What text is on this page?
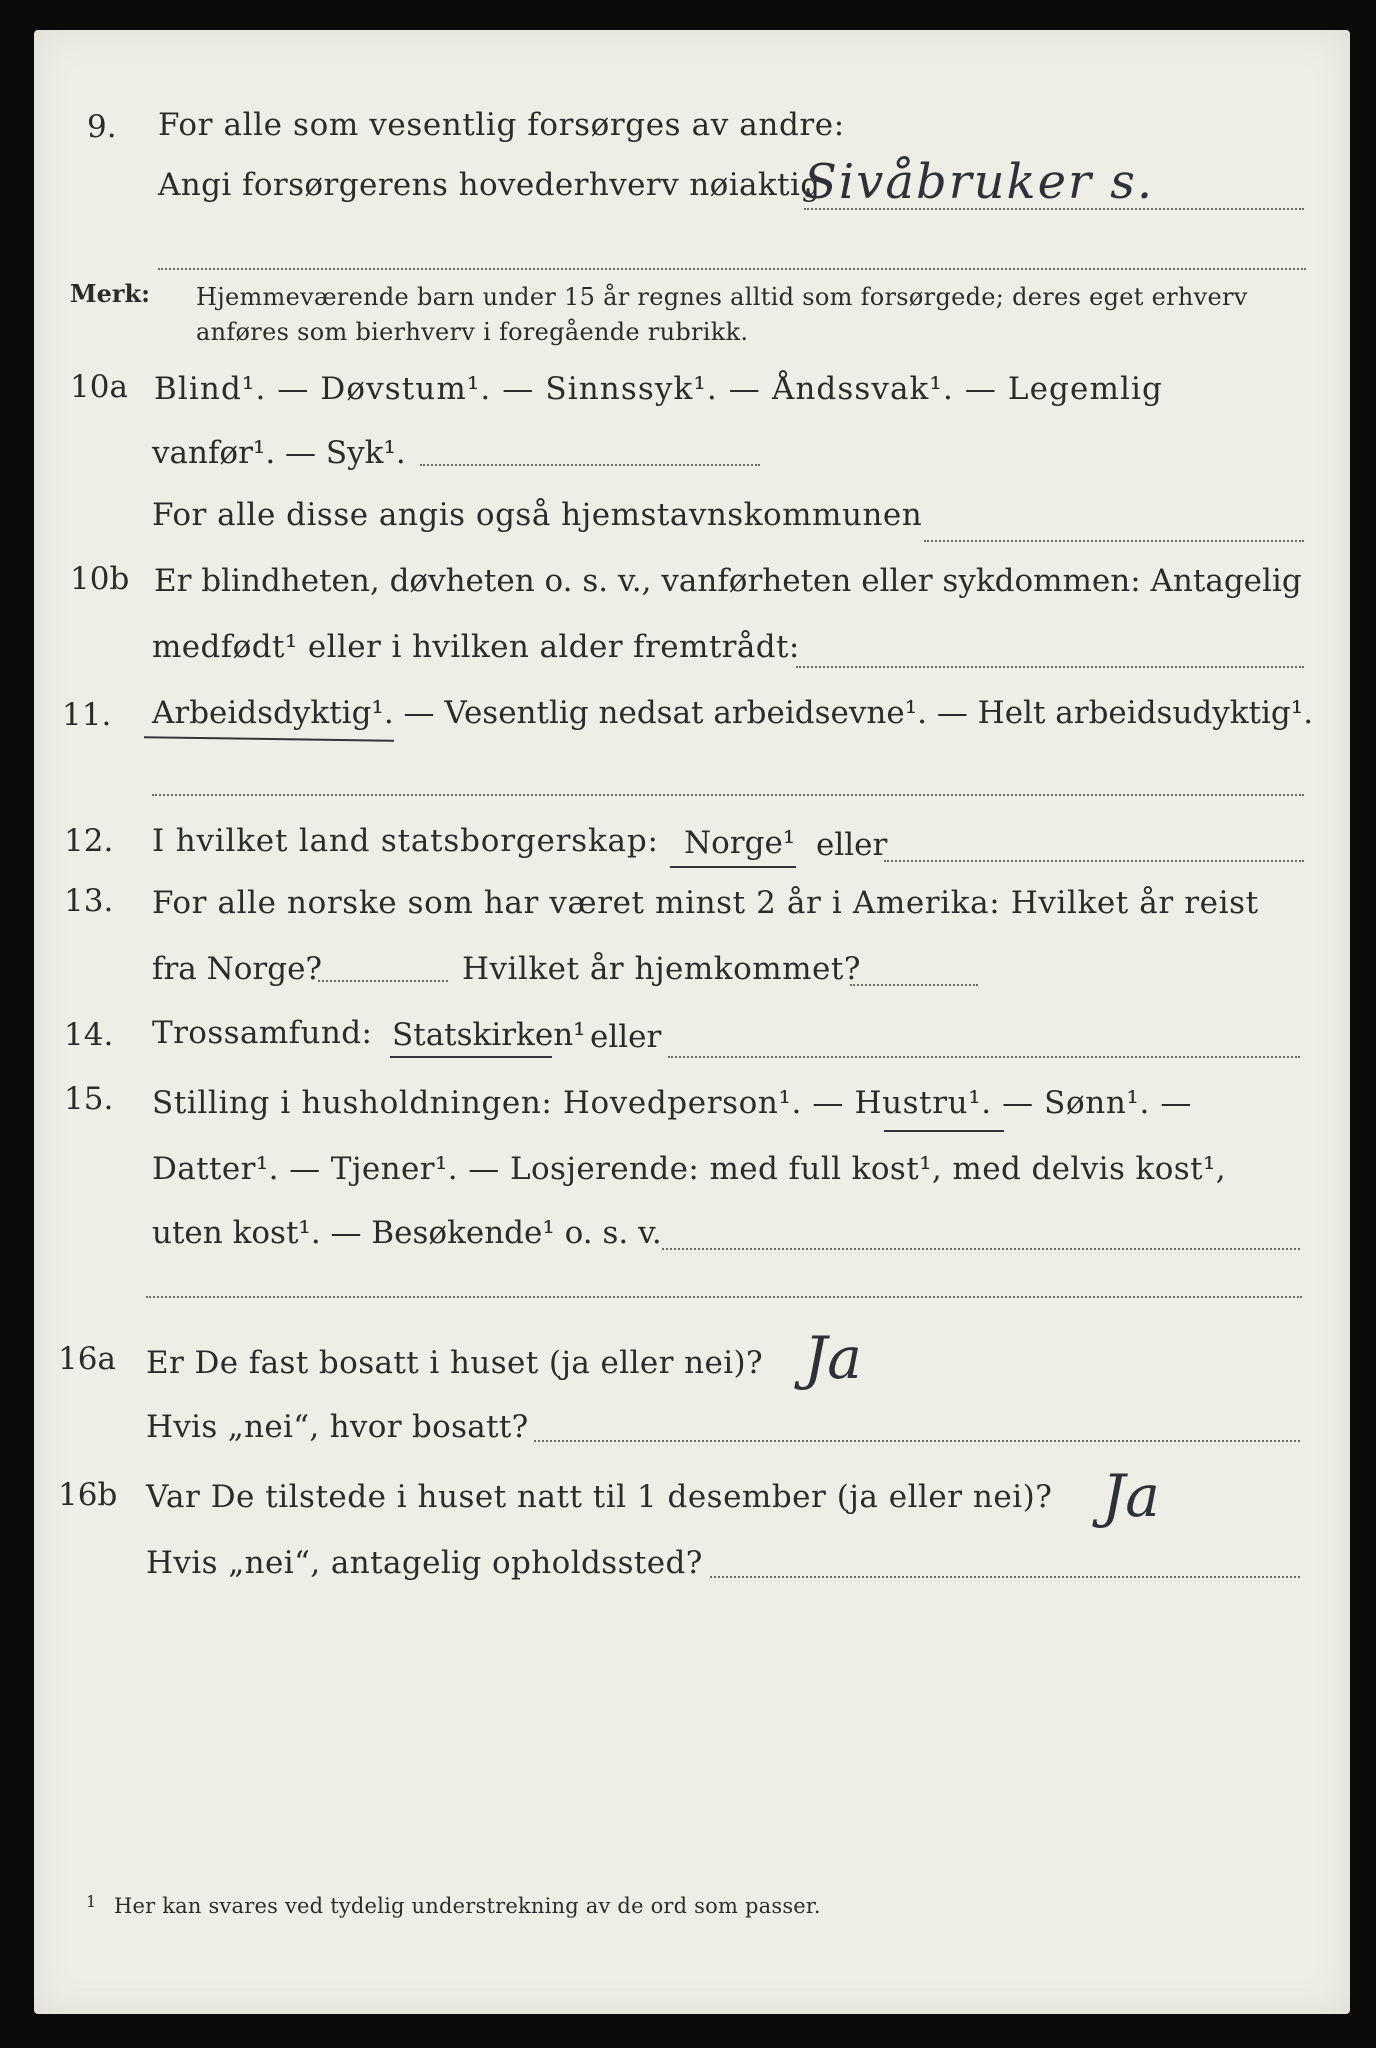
9. For alle som vesentlig forsørges av andre:
Angi forsørgerens hovederhverv nøiaktig
Sivåbruker s.
Merk: Hjemmeværende barn under 15 år regnes alltid som forsørgede; deres eget erhverv
anføres som bierhverv i foregående rubrikk.
10a Blind¹. — Døvstum¹. — Sinnssyk¹. — Åndssvak¹. — Legemlig
vanfør¹. — Syk¹.
For alle disse angis også hjemstavnskommunen
10b Er blindheten, døvheten o. s. v., vanførheten eller sykdommen: Antagelig
medfødt¹ eller i hvilken alder fremtrådt:
11. Arbeidsdyktig¹. — Vesentlig nedsat arbeidsevne¹. — Helt arbeidsudyktig¹.
12. I hvilket land statsborgerskap: Norge¹ eller
13. For alle norske som har været minst 2 år i Amerika: Hvilket år reist
fra Norge?	Hvilket år hjemkommet?
14. Trossamfund: Statskirken¹ eller
15. Stilling i husholdningen: Hovedperson¹. — Hustru¹. — Sønn¹. —
Datter¹. — Tjener¹. — Losjerende: med full kost¹, med delvis kost¹,
uten kost¹. — Besøkende¹ o. s. v.
16a Er De fast bosatt i huset (ja eller nei)? Ja
Hvis „nei“, hvor bosatt?
16b Var De tilstede i huset natt til 1 desember (ja eller nei)? Ja
Hvis „nei“, antagelig opholdssted?
1 Her kan svares ved tydelig understrekning av de ord som passer.
